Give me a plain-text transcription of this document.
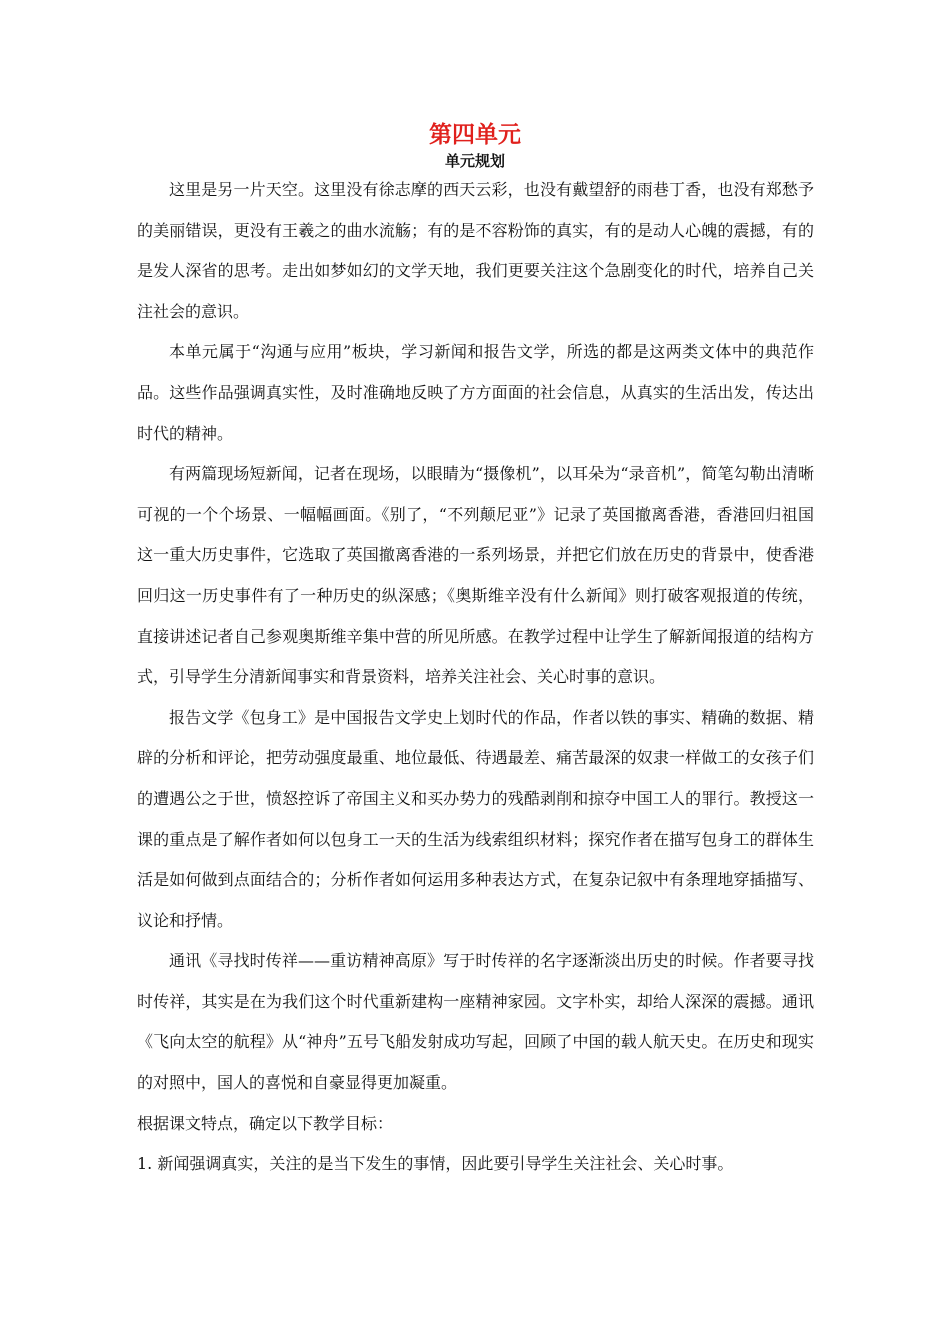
第四单元
单元规划

这里是另一片天空。这里没有徐志摩的西天云彩，也没有戴望舒的雨巷丁香，也没有郑愁予的美丽错误，更没有王羲之的曲水流觞；有的是不容粉饰的真实，有的是动人心魄的震撼，有的是发人深省的思考。走出如梦如幻的文学天地，我们更要关注这个急剧变化的时代，培养自己关注社会的意识。

本单元属于“沟通与应用”板块，学习新闻和报告文学，所选的都是这两类文体中的典范作品。这些作品强调真实性，及时准确地反映了方方面面的社会信息，从真实的生活出发，传达出时代的精神。

有两篇现场短新闻，记者在现场，以眼睛为“摄像机”，以耳朵为“录音机”，简笔勾勒出清晰可视的一个个场景、一幅幅画面。《别了，“不列颠尼亚”》记录了英国撤离香港，香港回归祖国这一重大历史事件，它选取了英国撤离香港的一系列场景，并把它们放在历史的背景中，使香港回归这一历史事件有了一种历史的纵深感；《奥斯维辛没有什么新闻》则打破客观报道的传统，直接讲述记者自己参观奥斯维辛集中营的所见所感。在教学过程中让学生了解新闻报道的结构方式，引导学生分清新闻事实和背景资料，培养关注社会、关心时事的意识。

报告文学《包身工》是中国报告文学史上划时代的作品，作者以铁的事实、精确的数据、精辟的分析和评论，把劳动强度最重、地位最低、待遇最差、痛苦最深的奴隶一样做工的女孩子们的遭遇公之于世，愤怒控诉了帝国主义和买办势力的残酷剥削和掠夺中国工人的罪行。教授这一课的重点是了解作者如何以包身工一天的生活为线索组织材料；探究作者在描写包身工的群体生活是如何做到点面结合的；分析作者如何运用多种表达方式，在复杂记叙中有条理地穿插描写、议论和抒情。

通讯《寻找时传祥——重访精神高原》写于时传祥的名字逐渐淡出历史的时候。作者要寻找时传祥，其实是在为我们这个时代重新建构一座精神家园。文字朴实，却给人深深的震撼。通讯《飞向太空的航程》从“神舟”五号飞船发射成功写起，回顾了中国的载人航天史。在历史和现实的对照中，国人的喜悦和自豪显得更加凝重。

根据课文特点，确定以下教学目标：

1. 新闻强调真实，关注的是当下发生的事情，因此要引导学生关注社会、关心时事。
